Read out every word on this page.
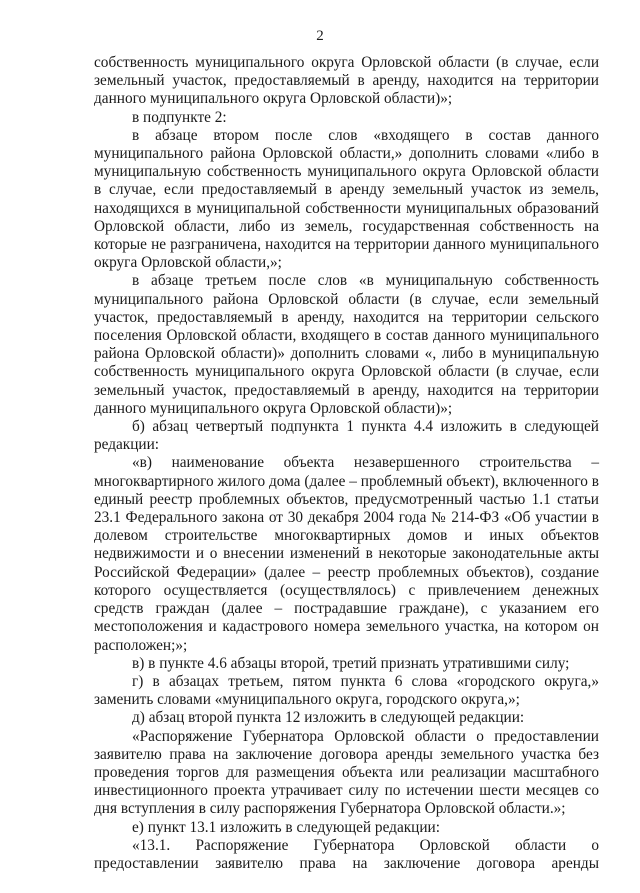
2

собственность муниципального округа Орловской области (в случае, если земельный участок, предоставляемый в аренду, находится на территории данного муниципального округа Орловской области)»;

в подпункте 2:

в абзаце втором после слов «входящего в состав данного муниципального района Орловской области,» дополнить словами «либо в муниципальную собственность муниципального округа Орловской области в случае, если предоставляемый в аренду земельный участок из земель, находящихся в муниципальной собственности муниципальных образований Орловской области, либо из земель, государственная собственность на которые не разграничена, находится на территории данного муниципального округа Орловской области,»;

в абзаце третьем после слов «в муниципальную собственность муниципального района Орловской области (в случае, если земельный участок, предоставляемый в аренду, находится на территории сельского поселения Орловской области, входящего в состав данного муниципального района Орловской области)» дополнить словами «, либо в муниципальную собственность муниципального округа Орловской области (в случае, если земельный участок, предоставляемый в аренду, находится на территории данного муниципального округа Орловской области)»;

б) абзац четвертый подпункта 1 пункта 4.4 изложить в следующей редакции:

«в) наименование объекта незавершенного строительства – многоквартирного жилого дома (далее – проблемный объект), включенного в единый реестр проблемных объектов, предусмотренный частью 1.1 статьи 23.1 Федерального закона от 30 декабря 2004 года № 214-ФЗ «Об участии в долевом строительстве многоквартирных домов и иных объектов недвижимости и о внесении изменений в некоторые законодательные акты Российской Федерации» (далее – реестр проблемных объектов), создание которого осуществляется (осуществлялось) с привлечением денежных средств граждан (далее – пострадавшие граждане), с указанием его местоположения и кадастрового номера земельного участка, на котором он расположен;»;

в) в пункте 4.6 абзацы второй, третий признать утратившими силу;

г) в абзацах третьем, пятом пункта 6 слова «городского округа,» заменить словами «муниципального округа, городского округа,»;

д) абзац второй пункта 12 изложить в следующей редакции:

«Распоряжение Губернатора Орловской области о предоставлении заявителю права на заключение договора аренды земельного участка без проведения торгов для размещения объекта или реализации масштабного инвестиционного проекта утрачивает силу по истечении шести месяцев со дня вступления в силу распоряжения Губернатора Орловской области.»;

е) пункт 13.1 изложить в следующей редакции:

«13.1. Распоряжение Губернатора Орловской области о предоставлении заявителю права на заключение договора аренды
